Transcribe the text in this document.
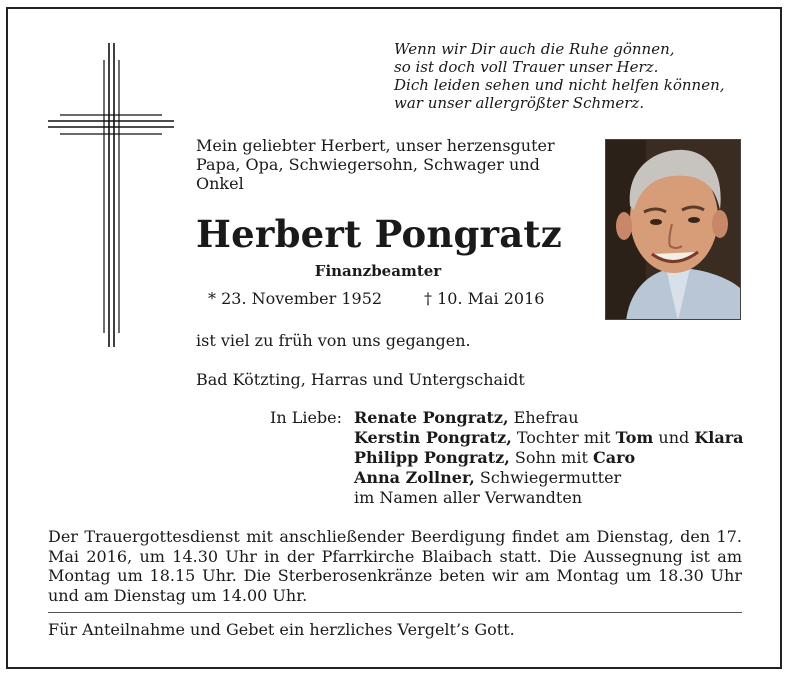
Wenn wir Dir auch die Ruhe gönnen,
so ist doch voll Trauer unser Herz.
Dich leiden sehen und nicht helfen können,
war unser allergrößter Schmerz.
Mein geliebter Herbert, unser herzensguter Papa, Opa, Schwiegersohn, Schwager und Onkel
Herbert Pongratz
Finanzbeamter
* 23. November 1952	† 10. Mai 2016
ist viel zu früh von uns gegangen.
Bad Kötzting, Harras und Untergschaidt
In Liebe: Renate Pongratz, Ehefrau
Kerstin Pongratz, Tochter mit Tom und Klara
Philipp Pongratz, Sohn mit Caro
Anna Zollner, Schwiegermutter
im Namen aller Verwandten
Der Trauergottesdienst mit anschließender Beerdigung findet am Dienstag, den 17. Mai 2016, um 14.30 Uhr in der Pfarrkirche Blaibach statt. Die Aussegnung ist am Montag um 18.15 Uhr. Die Sterberosenkränze beten wir am Montag um 18.30 Uhr und am Dienstag um 14.00 Uhr.
Für Anteilnahme und Gebet ein herzliches Vergelt’s Gott.
